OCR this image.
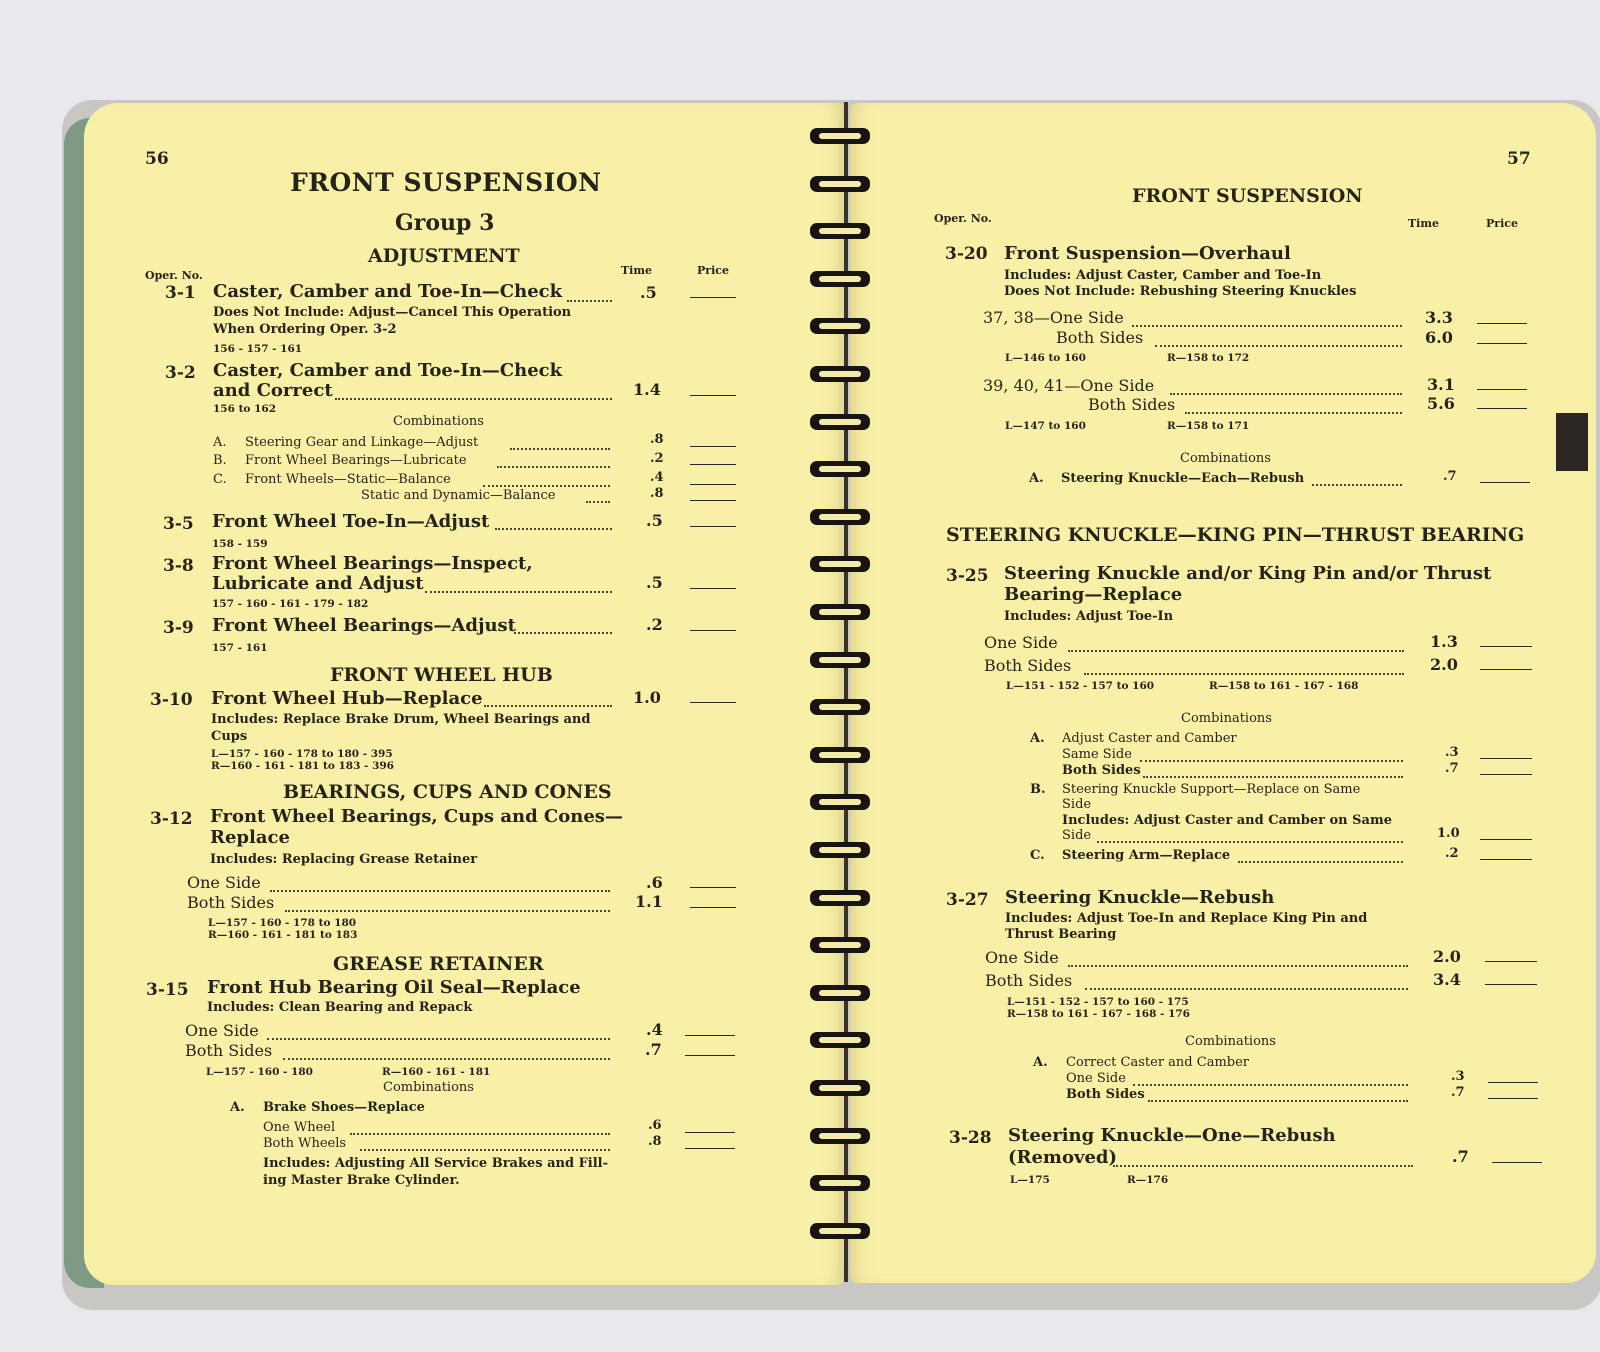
56
FRONT SUSPENSION
Group 3
ADJUSTMENT
Oper. No.	Time	Price
3-1 Caster, Camber and Toe-In—Check	.5
Does Not Include: Adjust—Cancel This Operation
When Ordering Oper. 3-2
156 - 157 - 161
3-2 Caster, Camber and Toe-In—Check
and Correct	1.4
156 to 162
Combinations
A. Steering Gear and Linkage—Adjust	.8
B. Front Wheel Bearings—Lubricate	.2
C. Front Wheels—Static—Balance	.4
Static and Dynamic—Balance	.8
3-5 Front Wheel Toe-In—Adjust	.5
158 - 159
3-8 Front Wheel Bearings—Inspect,
Lubricate and Adjust	.5
157 - 160 - 161 - 179 - 182
3-9 Front Wheel Bearings—Adjust	.2
157 - 161
FRONT WHEEL HUB
3-10 Front Wheel Hub—Replace	1.0
Includes: Replace Brake Drum, Wheel Bearings and
Cups
L—157 - 160 - 178 to 180 - 395
R—160 - 161 - 181 to 183 - 396
BEARINGS, CUPS AND CONES
3-12 Front Wheel Bearings, Cups and Cones—
Replace
Includes: Replacing Grease Retainer
One Side	.6
Both Sides	1.1
L—157 - 160 - 178 to 180
R—160 - 161 - 181 to 183
GREASE RETAINER
3-15 Front Hub Bearing Oil Seal—Replace
Includes: Clean Bearing and Repack
One Side	.4
Both Sides	.7
L—157 - 160 - 180	R—160 - 161 - 181
Combinations
A. Brake Shoes—Replace
One Wheel	.6
Both Wheels	.8
Includes: Adjusting All Service Brakes and Fill-
ing Master Brake Cylinder.
57
FRONT SUSPENSION
Oper. No.	Time	Price
3-20 Front Suspension—Overhaul
Includes: Adjust Caster, Camber and Toe-In
Does Not Include: Rebushing Steering Knuckles
37, 38—One Side	3.3
Both Sides	6.0
L—146 to 160	R—158 to 172
39, 40, 41—One Side	3.1
Both Sides	5.6
L—147 to 160	R—158 to 171
Combinations
A. Steering Knuckle—Each—Rebush	.7
STEERING KNUCKLE—KING PIN—THRUST BEARING
3-25 Steering Knuckle and/or King Pin and/or Thrust
Bearing—Replace
Includes: Adjust Toe-In
One Side	1.3
Both Sides	2.0
L—151 - 152 - 157 to 160	R—158 to 161 - 167 - 168
Combinations
A. Adjust Caster and Camber
Same Side	.3
Both Sides	.7
B. Steering Knuckle Support—Replace on Same
Side
Includes: Adjust Caster and Camber on Same
Side	1.0
C. Steering Arm—Replace	.2
3-27 Steering Knuckle—Rebush
Includes: Adjust Toe-In and Replace King Pin and
Thrust Bearing
One Side	2.0
Both Sides	3.4
L—151 - 152 - 157 to 160 - 175
R—158 to 161 - 167 - 168 - 176
Combinations
A. Correct Caster and Camber
One Side	.3
Both Sides	.7
3-28 Steering Knuckle—One—Rebush
(Removed)	.7
L—175	R—176
